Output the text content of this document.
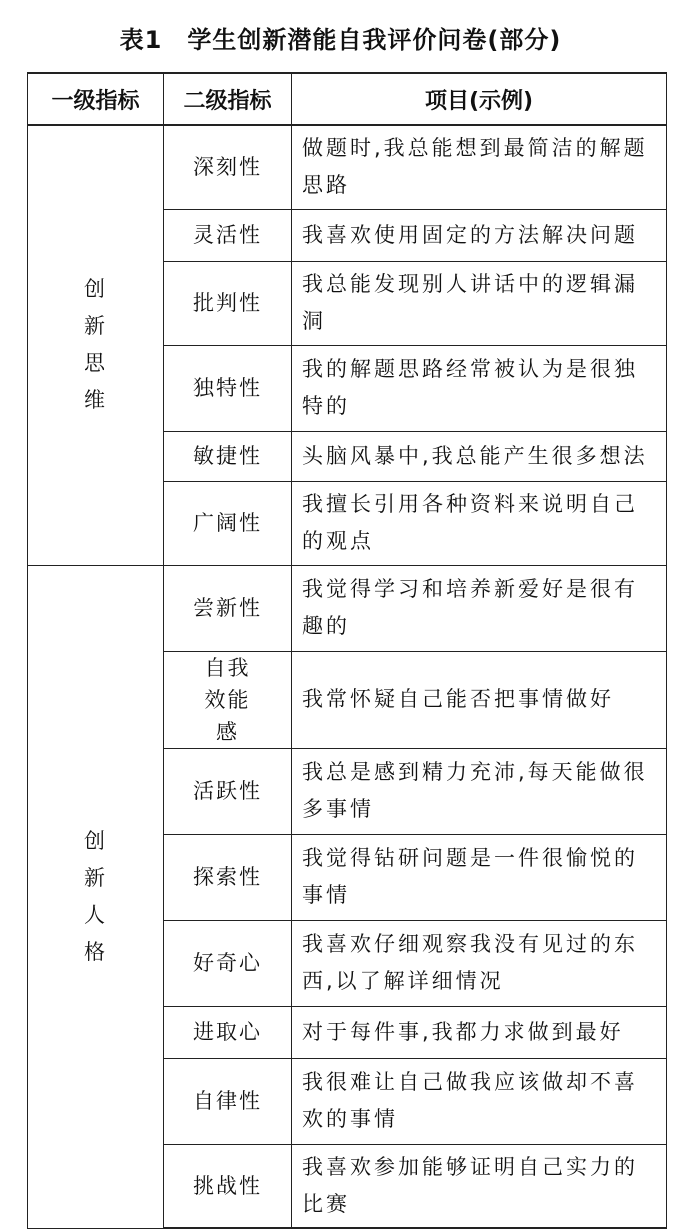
表1　学生创新潜能自我评价问卷(部分)
一级指标	二级指标	项目(示例)
创新思维	深刻性	做题时,我总能想到最简洁的解题思路
	灵活性	我喜欢使用固定的方法解决问题
	批判性	我总能发现别人讲话中的逻辑漏洞
	独特性	我的解题思路经常被认为是很独特的
	敏捷性	头脑风暴中,我总能产生很多想法
	广阔性	我擅长引用各种资料来说明自己的观点
创新人格	尝新性	我觉得学习和培养新爱好是很有趣的
	自我效能感	我常怀疑自己能否把事情做好
	活跃性	我总是感到精力充沛,每天能做很多事情
	探索性	我觉得钻研问题是一件很愉悦的事情
	好奇心	我喜欢仔细观察我没有见过的东西,以了解详细情况
	进取心	对于每件事,我都力求做到最好
	自律性	我很难让自己做我应该做却不喜欢的事情
	挑战性	我喜欢参加能够证明自己实力的比赛
